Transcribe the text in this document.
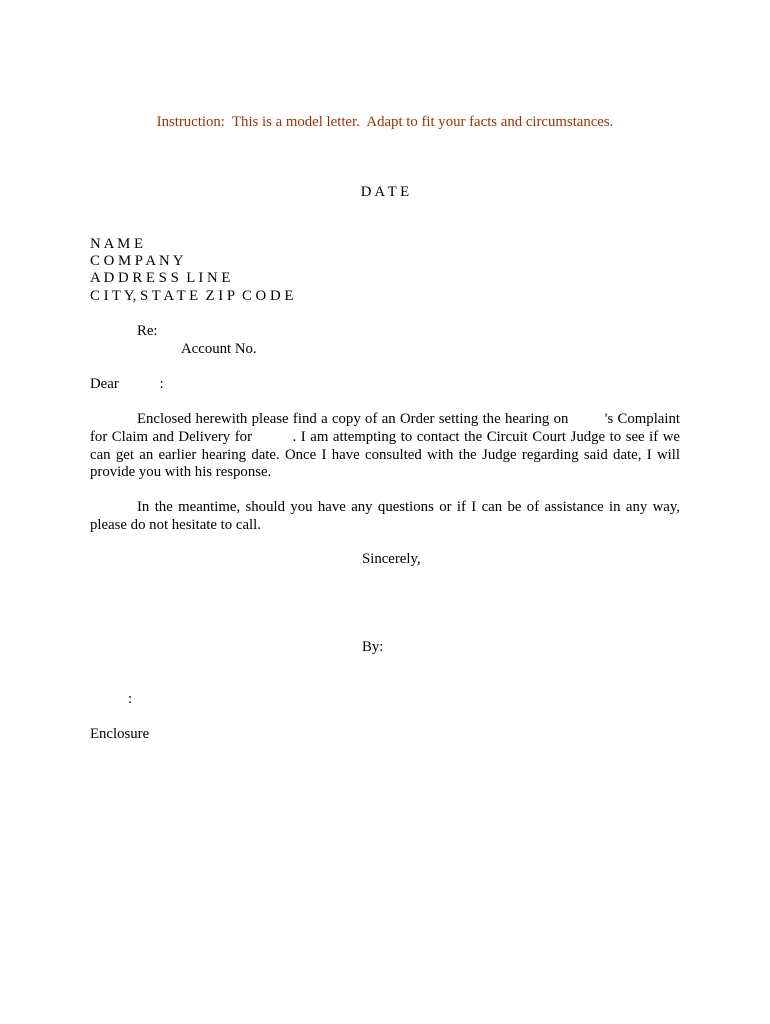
Instruction:  This is a model letter.  Adapt to fit your facts and circumstances.
D A T E
N A M E
C O M P A N Y
A D D R E S S  L I N E
C I T Y, S T A T E  Z I P  C O D E
Re:
Account No.
Dear	:
Enclosed herewith please find a copy of an Order setting the hearing on 's Complaint
for Claim and Delivery for	. I am attempting to contact the Circuit Court Judge to see if we
can get an earlier hearing date. Once I have consulted with the Judge regarding said date, I will
provide you with his response.
In the meantime, should you have any questions or if I can be of assistance in any way,
please do not hesitate to call.
Sincerely,
By:
:
Enclosure
